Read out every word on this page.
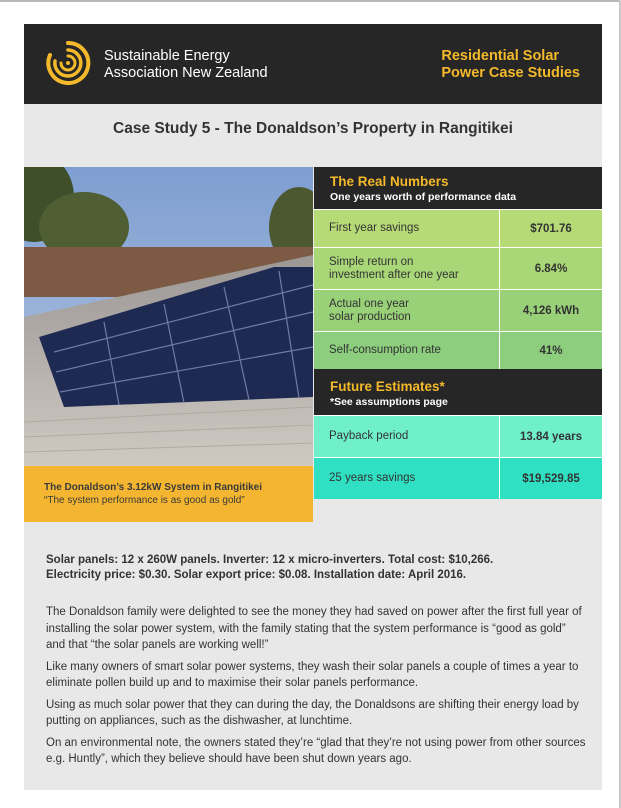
Sustainable Energy
Association New Zealand
Residential Solar
Power Case Studies
Case Study 5 - The Donaldson’s Property in Rangitikei
The Donaldson’s 3.12kW System in Rangitikei
“The system performance is as good as gold”
The Real Numbers
One years worth of performance data
First year savings	$701.76
Simple return on
investment after one year	6.84%
Actual one year
solar production	4,126 kWh
Self-consumption rate	41%
Future Estimates*
*See assumptions page
Payback period	13.84 years
25 years savings	$19,529.85
Solar panels: 12 x 260W panels. Inverter: 12 x micro-inverters. Total cost: $10,266.
Electricity price: $0.30. Solar export price: $0.08. Installation date: April 2016.

The Donaldson family were delighted to see the money they had saved on power after the first full year of installing the solar power system, with the family stating that the system performance is “good as gold” and that “the solar panels are working well!”

Like many owners of smart solar power systems, they wash their solar panels a couple of times a year to eliminate pollen build up and to maximise their solar panels performance.

Using as much solar power that they can during the day, the Donaldsons are shifting their energy load by putting on appliances, such as the dishwasher, at lunchtime.

On an environmental note, the owners stated they’re “glad that they’re not using power from other sources e.g. Huntly”, which they believe should have been shut down years ago.
